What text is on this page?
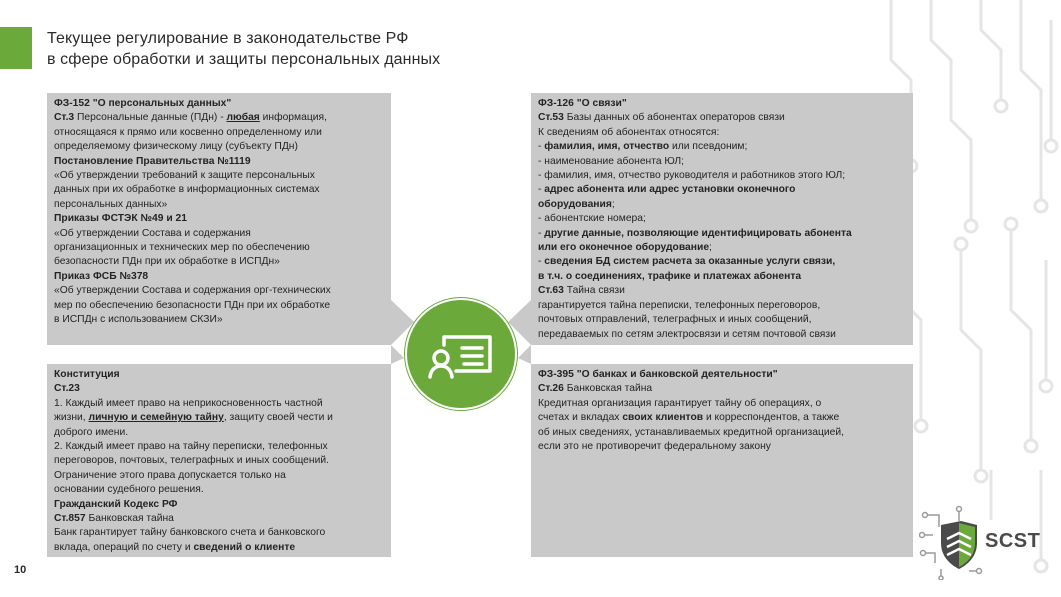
Текущее регулирование в законодательстве РФ
в сфере обработки и защиты персональных данных
ФЗ-152 "О персональных данных"
Ст.3 Персональные данные (ПДн) - любая информация,
относящаяся к прямо или косвенно определенному или
определяемому физическому лицу (субъекту ПДн)
Постановление Правительства №1119
«Об утверждении требований к защите персональных
данных при их обработке в информационных системах
персональных данных»
Приказы ФСТЭК №49 и 21
«Об утверждении Состава и содержания
организационных и технических мер по обеспечению
безопасности ПДн при их обработке в ИСПДн»
Приказ ФСБ №378
«Об утверждении Состава и содержания орг-технических
мер по обеспечению безопасности ПДн при их обработке
в ИСПДн с использованием СКЗИ»
ФЗ-126 "О связи"
Ст.53 Базы данных об абонентах операторов связи
К сведениям об абонентах относятся:
- фамилия, имя, отчество или псевдоним;
- наименование абонента ЮЛ;
- фамилия, имя, отчество руководителя и работников этого ЮЛ;
- адрес абонента или адрес установки оконечного
оборудования;
- абонентские номера;
- другие данные, позволяющие идентифицировать абонента
или его оконечное оборудование;
- сведения БД систем расчета за оказанные услуги связи,
в т.ч. о соединениях, трафике и платежах абонента
Ст.63 Тайна связи
гарантируется тайна переписки, телефонных переговоров,
почтовых отправлений, телеграфных и иных сообщений,
передаваемых по сетям электросвязи и сетям почтовой связи
Конституция
Ст.23
1. Каждый имеет право на неприкосновенность частной
жизни, личную и семейную тайну, защиту своей чести и
доброго имени.
2. Каждый имеет право на тайну переписки, телефонных
переговоров, почтовых, телеграфных и иных сообщений.
Ограничение этого права допускается только на
основании судебного решения.
Гражданский Кодекс РФ
Ст.857 Банковская тайна
Банк гарантирует тайну банковского счета и банковского
вклада, операций по счету и сведений о клиенте
ФЗ-395 "О банках и банковской деятельности"
Ст.26 Банковская тайна
Кредитная организация гарантирует тайну об операциях, о
счетах и вкладах своих клиентов и корреспондентов, а также
об иных сведениях, устанавливаемых кредитной организацией,
если это не противоречит федеральному закону
10
SCST
